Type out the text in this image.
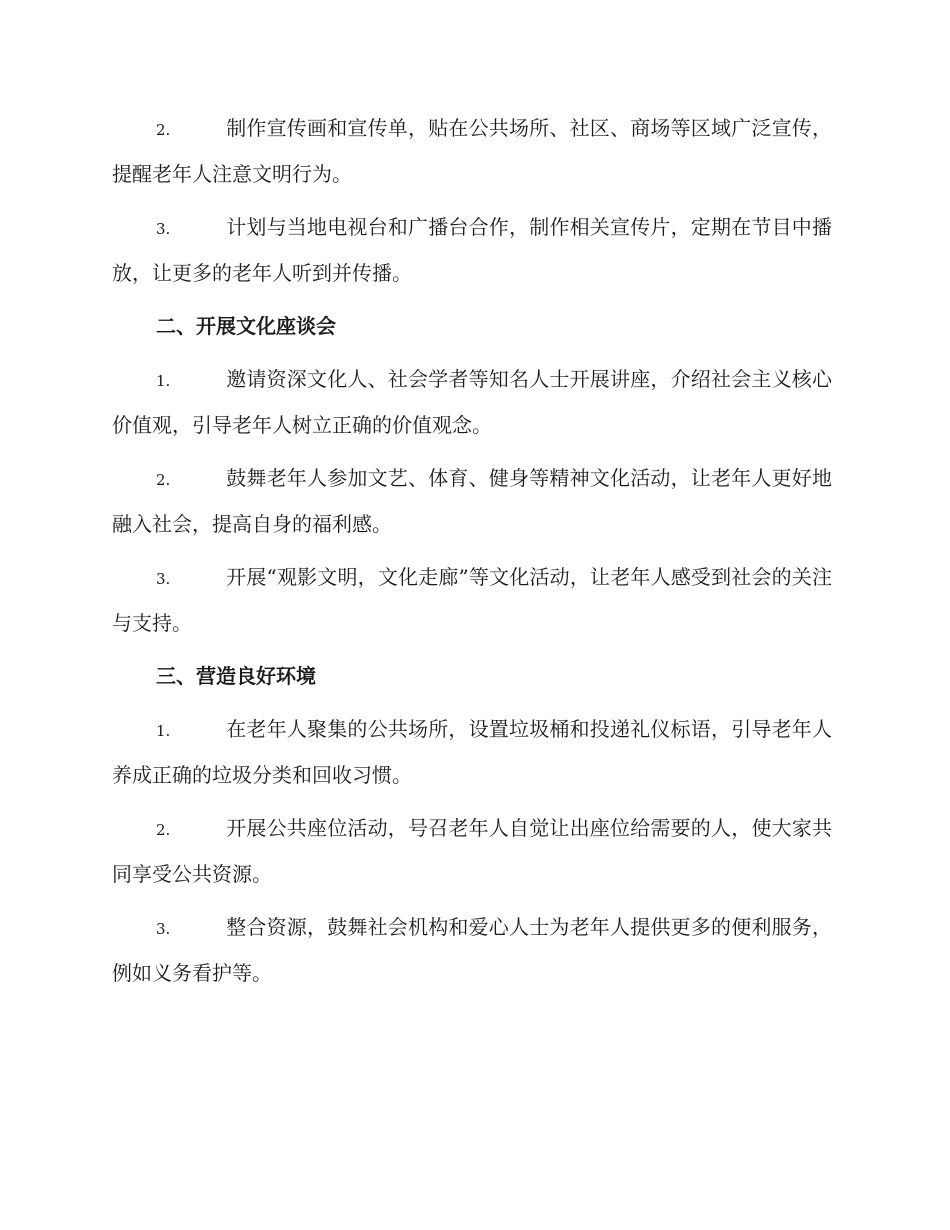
2.	制作宣传画和宣传单，贴在公共场所、社区、商场等区域广泛宣传，提醒老年人注意文明行为。

3.	计划与当地电视台和广播台合作，制作相关宣传片，定期在节目中播放，让更多的老年人听到并传播。

二、开展文化座谈会

1.	邀请资深文化人、社会学者等知名人士开展讲座，介绍社会主义核心价值观，引导老年人树立正确的价值观念。

2.	鼓舞老年人参加文艺、体育、健身等精神文化活动，让老年人更好地融入社会，提高自身的福利感。

3.	开展“观影文明，文化走廊”等文化活动，让老年人感受到社会的关注与支持。

三、营造良好环境

1.	在老年人聚集的公共场所，设置垃圾桶和投递礼仪标语，引导老年人养成正确的垃圾分类和回收习惯。

2.	开展公共座位活动，号召老年人自觉让出座位给需要的人，使大家共同享受公共资源。

3.	整合资源，鼓舞社会机构和爱心人士为老年人提供更多的便利服务，例如义务看护等。
